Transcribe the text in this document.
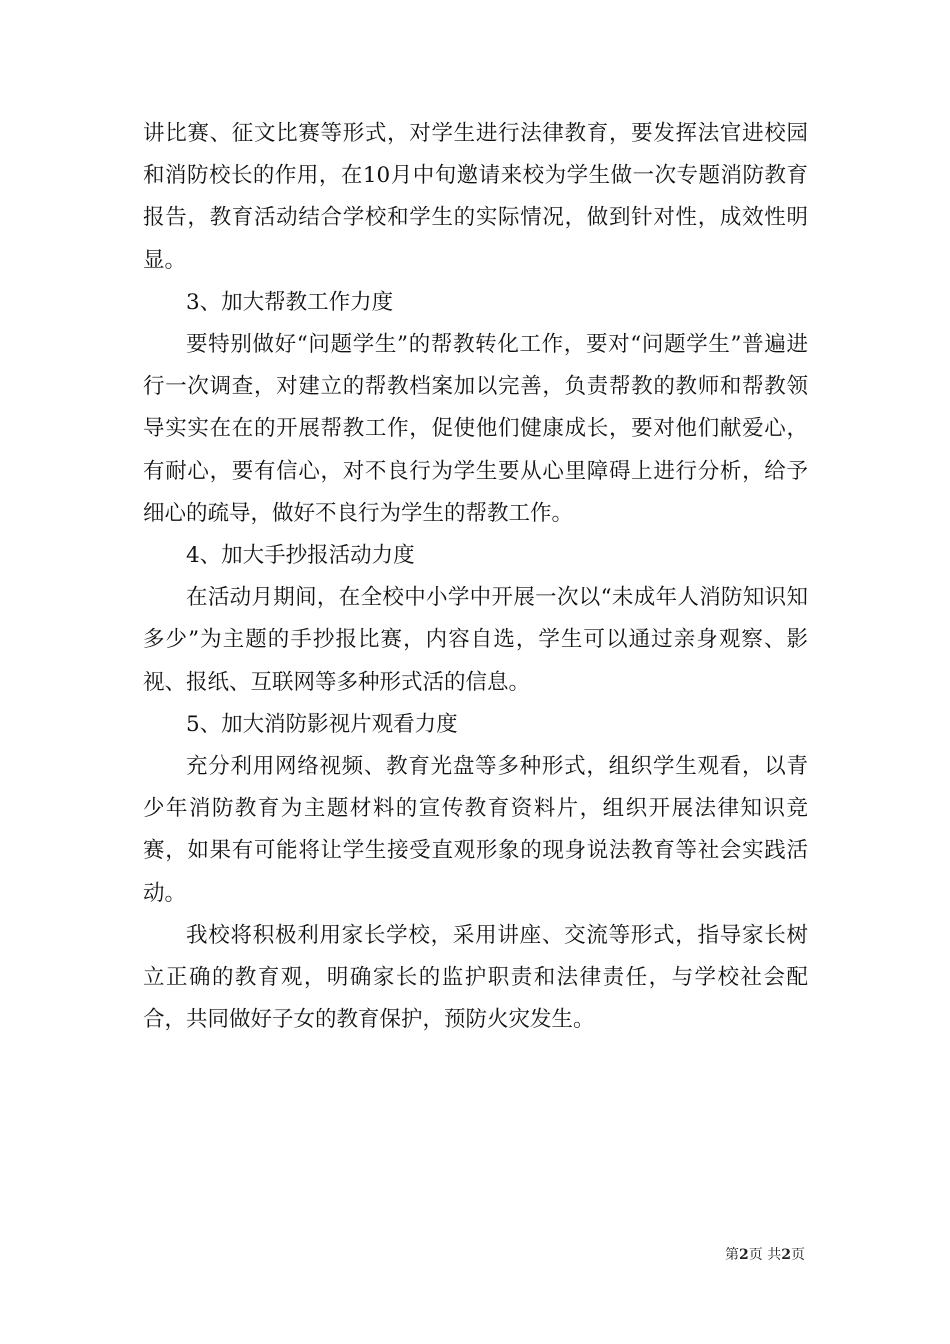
讲比赛、征文比赛等形式，对学生进行法律教育，要发挥法官进校园和消防校长的作用，在10月中旬邀请来校为学生做一次专题消防教育报告，教育活动结合学校和学生的实际情况，做到针对性，成效性明显。

3、加大帮教工作力度

要特别做好“问题学生”的帮教转化工作，要对“问题学生”普遍进行一次调查，对建立的帮教档案加以完善，负责帮教的教师和帮教领导实实在在的开展帮教工作，促使他们健康成长，要对他们献爱心，有耐心，要有信心，对不良行为学生要从心里障碍上进行分析，给予细心的疏导，做好不良行为学生的帮教工作。

4、加大手抄报活动力度

在活动月期间，在全校中小学中开展一次以“未成年人消防知识知多少”为主题的手抄报比赛，内容自选，学生可以通过亲身观察、影视、报纸、互联网等多种形式活的信息。

5、加大消防影视片观看力度

充分利用网络视频、教育光盘等多种形式，组织学生观看，以青少年消防教育为主题材料的宣传教育资料片，组织开展法律知识竞赛，如果有可能将让学生接受直观形象的现身说法教育等社会实践活动。

我校将积极利用家长学校，采用讲座、交流等形式，指导家长树立正确的教育观，明确家长的监护职责和法律责任，与学校社会配合，共同做好子女的教育保护，预防火灾发生。

第2页 共2页
